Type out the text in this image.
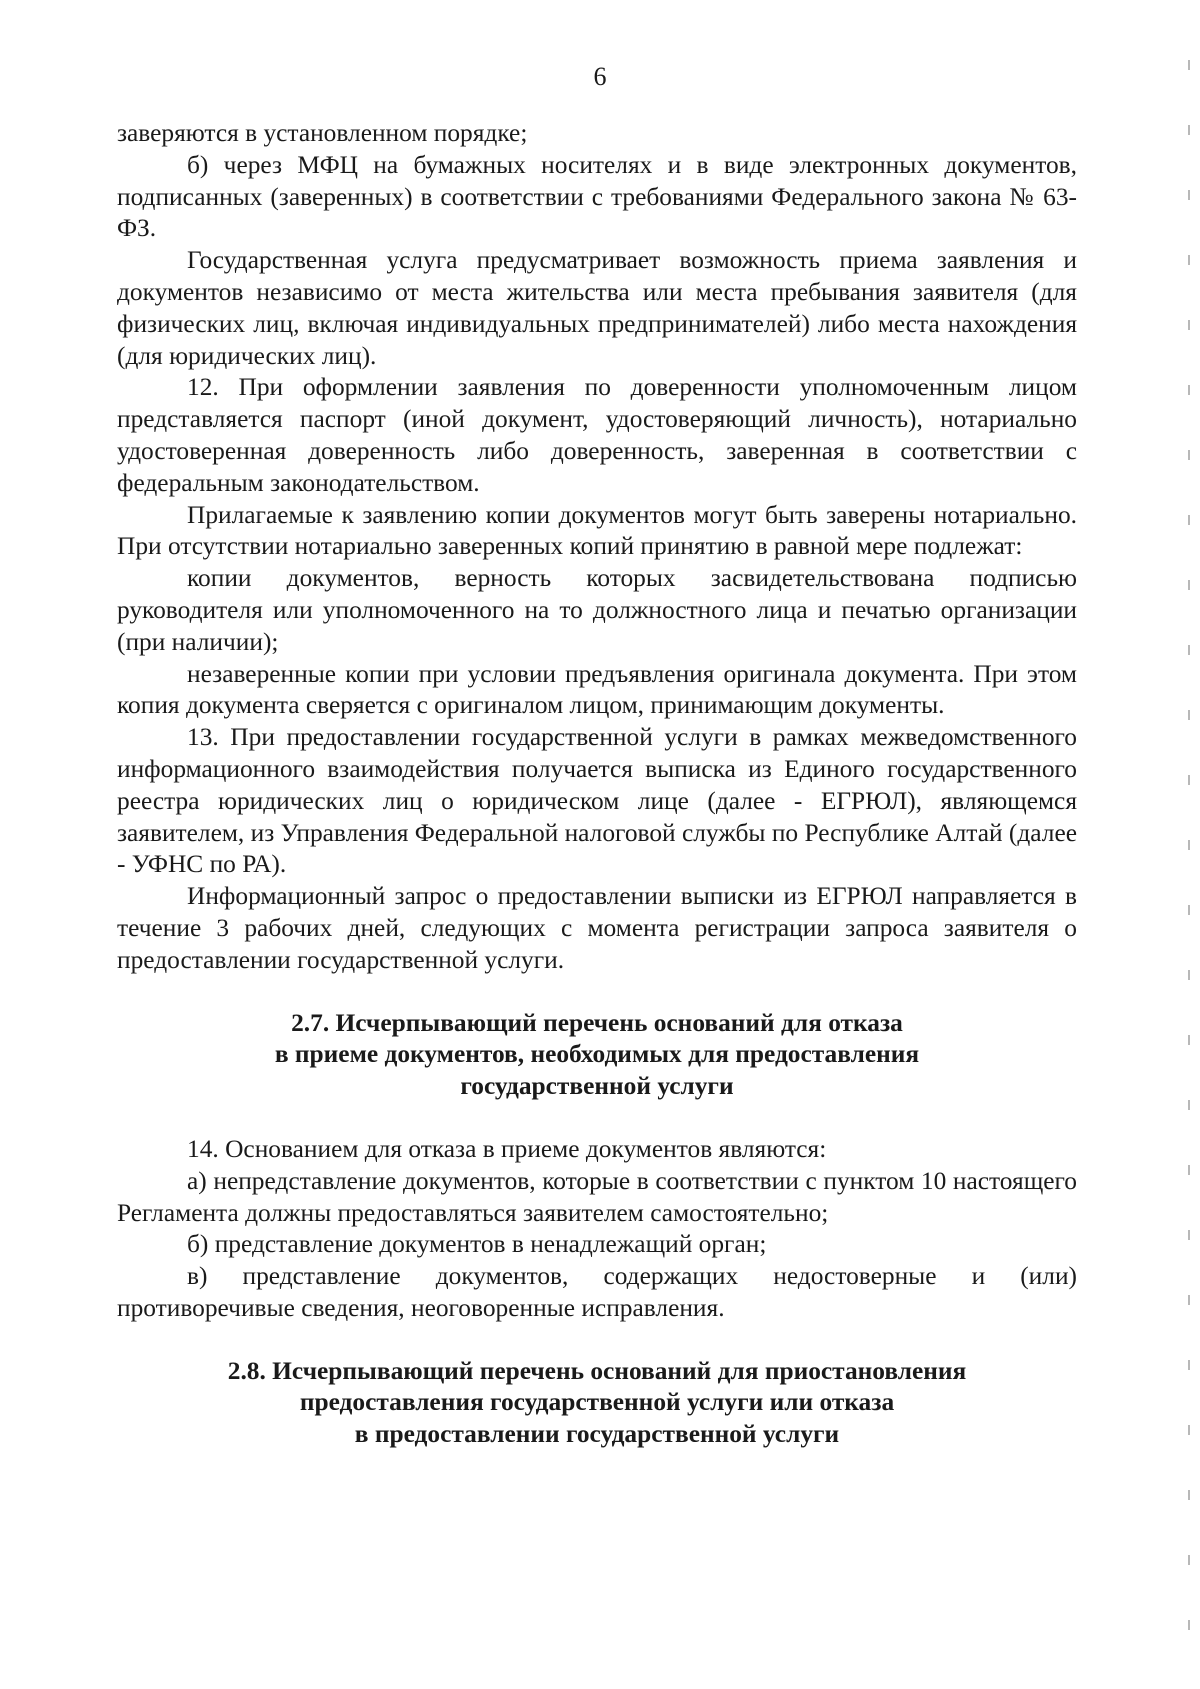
6

заверяются в установленном порядке;

б) через МФЦ на бумажных носителях и в виде электронных документов, подписанных (заверенных) в соответствии с требованиями Федерального закона № 63-ФЗ.

Государственная услуга предусматривает возможность приема заявления и документов независимо от места жительства или места пребывания заявителя (для физических лиц, включая индивидуальных предпринимателей) либо места нахождения (для юридических лиц).

12. При оформлении заявления по доверенности уполномоченным лицом представляется паспорт (иной документ, удостоверяющий личность), нотариально удостоверенная доверенность либо доверенность, заверенная в соответствии с федеральным законодательством.

Прилагаемые к заявлению копии документов могут быть заверены нотариально. При отсутствии нотариально заверенных копий принятию в равной мере подлежат:

копии документов, верность которых засвидетельствована подписью руководителя или уполномоченного на то должностного лица и печатью организации (при наличии);

незаверенные копии при условии предъявления оригинала документа. При этом копия документа сверяется с оригиналом лицом, принимающим документы.

13. При предоставлении государственной услуги в рамках межведомственного информационного взаимодействия получается выписка из Единого государственного реестра юридических лиц о юридическом лице (далее - ЕГРЮЛ), являющемся заявителем, из Управления Федеральной налоговой службы по Республике Алтай (далее - УФНС по РА).

Информационный запрос о предоставлении выписки из ЕГРЮЛ направляется в течение 3 рабочих дней, следующих с момента регистрации запроса заявителя о предоставлении государственной услуги.

2.7. Исчерпывающий перечень оснований для отказа
в приеме документов, необходимых для предоставления
государственной услуги

14. Основанием для отказа в приеме документов являются:

а) непредставление документов, которые в соответствии с пунктом 10 настоящего Регламента должны предоставляться заявителем самостоятельно;

б) представление документов в ненадлежащий орган;

в) представление документов, содержащих недостоверные и (или) противоречивые сведения, неоговоренные исправления.

2.8. Исчерпывающий перечень оснований для приостановления
предоставления государственной услуги или отказа
в предоставлении государственной услуги
